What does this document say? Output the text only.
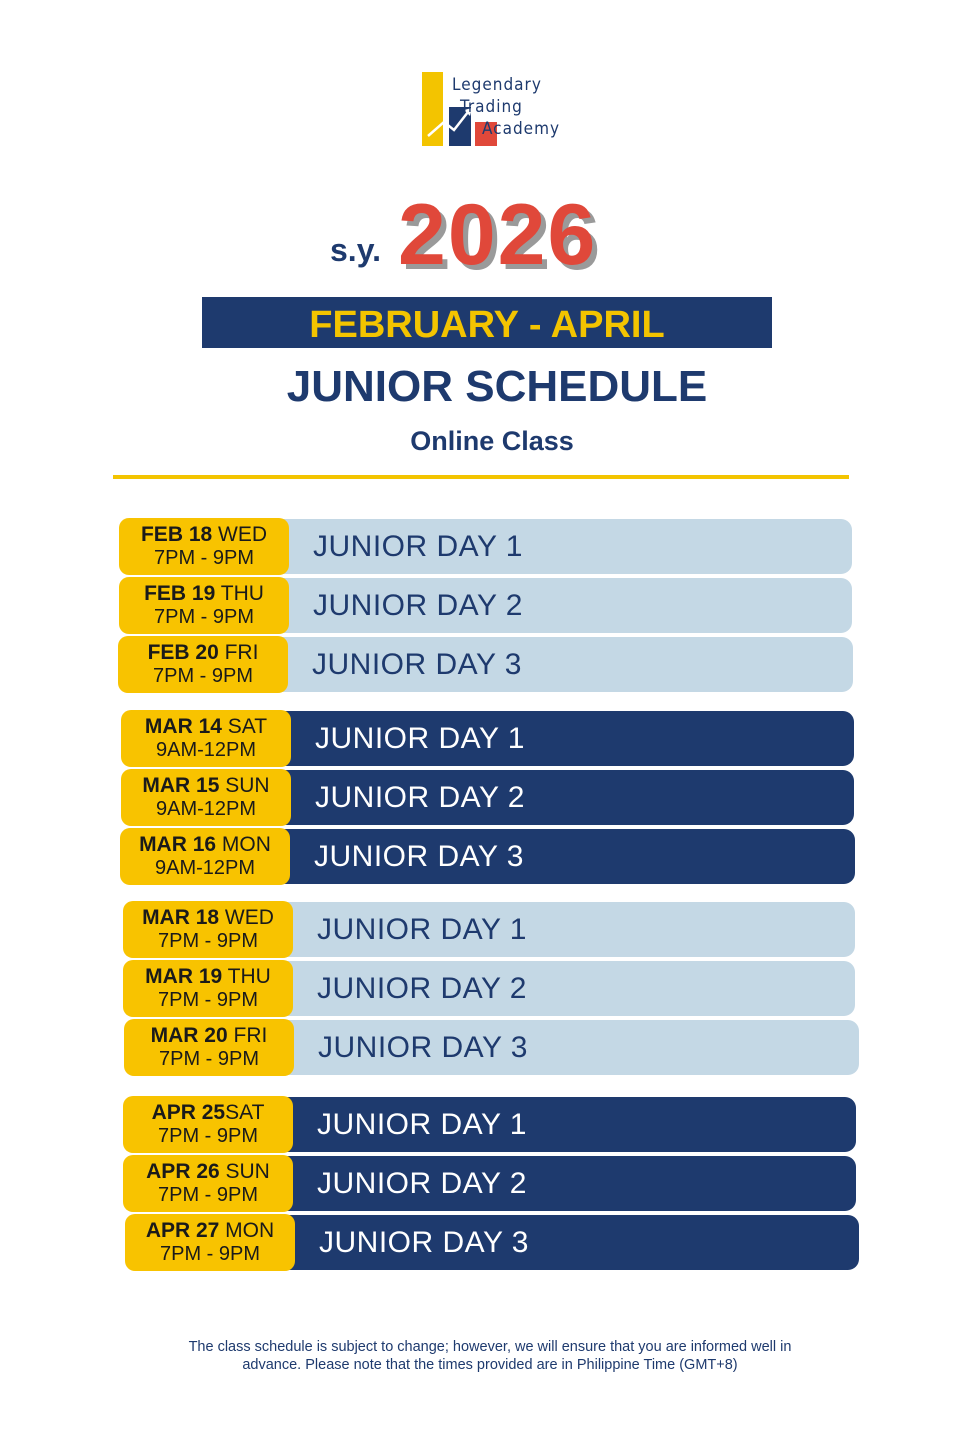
Legendary
Trading
Academy
s.y. 2026
FEBRUARY - APRIL
JUNIOR SCHEDULE
Online Class
JUNIOR DAY 1
FEB 18 WED
7PM - 9PM
JUNIOR DAY 2
FEB 19 THU
7PM - 9PM
JUNIOR DAY 3
FEB 20 FRI
7PM - 9PM
JUNIOR DAY 1
MAR 14 SAT
9AM-12PM
JUNIOR DAY 2
MAR 15 SUN
9AM-12PM
JUNIOR DAY 3
MAR 16 MON
9AM-12PM
JUNIOR DAY 1
MAR 18 WED
7PM - 9PM
JUNIOR DAY 2
MAR 19 THU
7PM - 9PM
JUNIOR DAY 3
MAR 20 FRI
7PM - 9PM
JUNIOR DAY 1
APR 25SAT
7PM - 9PM
JUNIOR DAY 2
APR 26 SUN
7PM - 9PM
JUNIOR DAY 3
APR 27 MON
7PM - 9PM
The class schedule is subject to change; however, we will ensure that you are informed well in
advance. Please note that the times provided are in Philippine Time (GMT+8)
